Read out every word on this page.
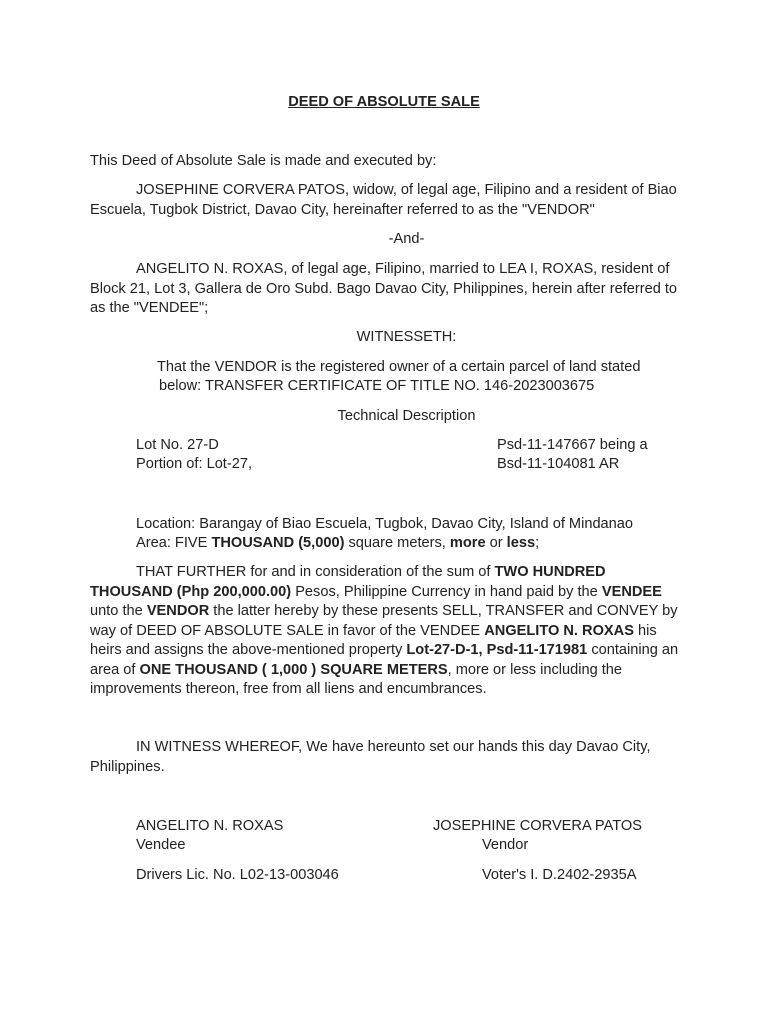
DEED OF ABSOLUTE SALE
This Deed of Absolute Sale is made and executed by:
JOSEPHINE CORVERA PATOS, widow, of legal age, Filipino and a resident of Biao Escuela, Tugbok District, Davao City, hereinafter referred to as the "VENDOR"
-And-
ANGELITO N. ROXAS, of legal age, Filipino, married to LEA I, ROXAS, resident of Block 21, Lot 3, Gallera de Oro Subd. Bago Davao City, Philippines, herein after referred to as the "VENDEE";
WITNESSETH:
That the VENDOR is the registered owner of a certain parcel of land stated
below: TRANSFER CERTIFICATE OF TITLE NO. 146-2023003675
Technical Description
Lot No. 27-D
Portion of: Lot-27,
Psd-11-147667 being a
Bsd-11-104081 AR
Location: Barangay of Biao Escuela, Tugbok, Davao City, Island of Mindanao
Area: FIVE THOUSAND (5,000) square meters, more or less;
THAT FURTHER for and in consideration of the sum of TWO HUNDRED THOUSAND (Php 200,000.00) Pesos, Philippine Currency in hand paid by the VENDEE unto the VENDOR the latter hereby by these presents SELL, TRANSFER and CONVEY by way of DEED OF ABSOLUTE SALE in favor of the VENDEE ANGELITO N. ROXAS his heirs and assigns the above-mentioned property Lot-27-D-1, Psd-11-171981 containing an area of ONE THOUSAND ( 1,000 ) SQUARE METERS, more or less including the improvements thereon, free from all liens and encumbrances.
IN WITNESS WHEREOF, We have hereunto set our hands this day Davao City, Philippines.
ANGELITO N. ROXAS
Vendee
Drivers Lic. No. L02-13-003046
JOSEPHINE CORVERA PATOS
Vendor
Voter's I. D.2402-2935A
